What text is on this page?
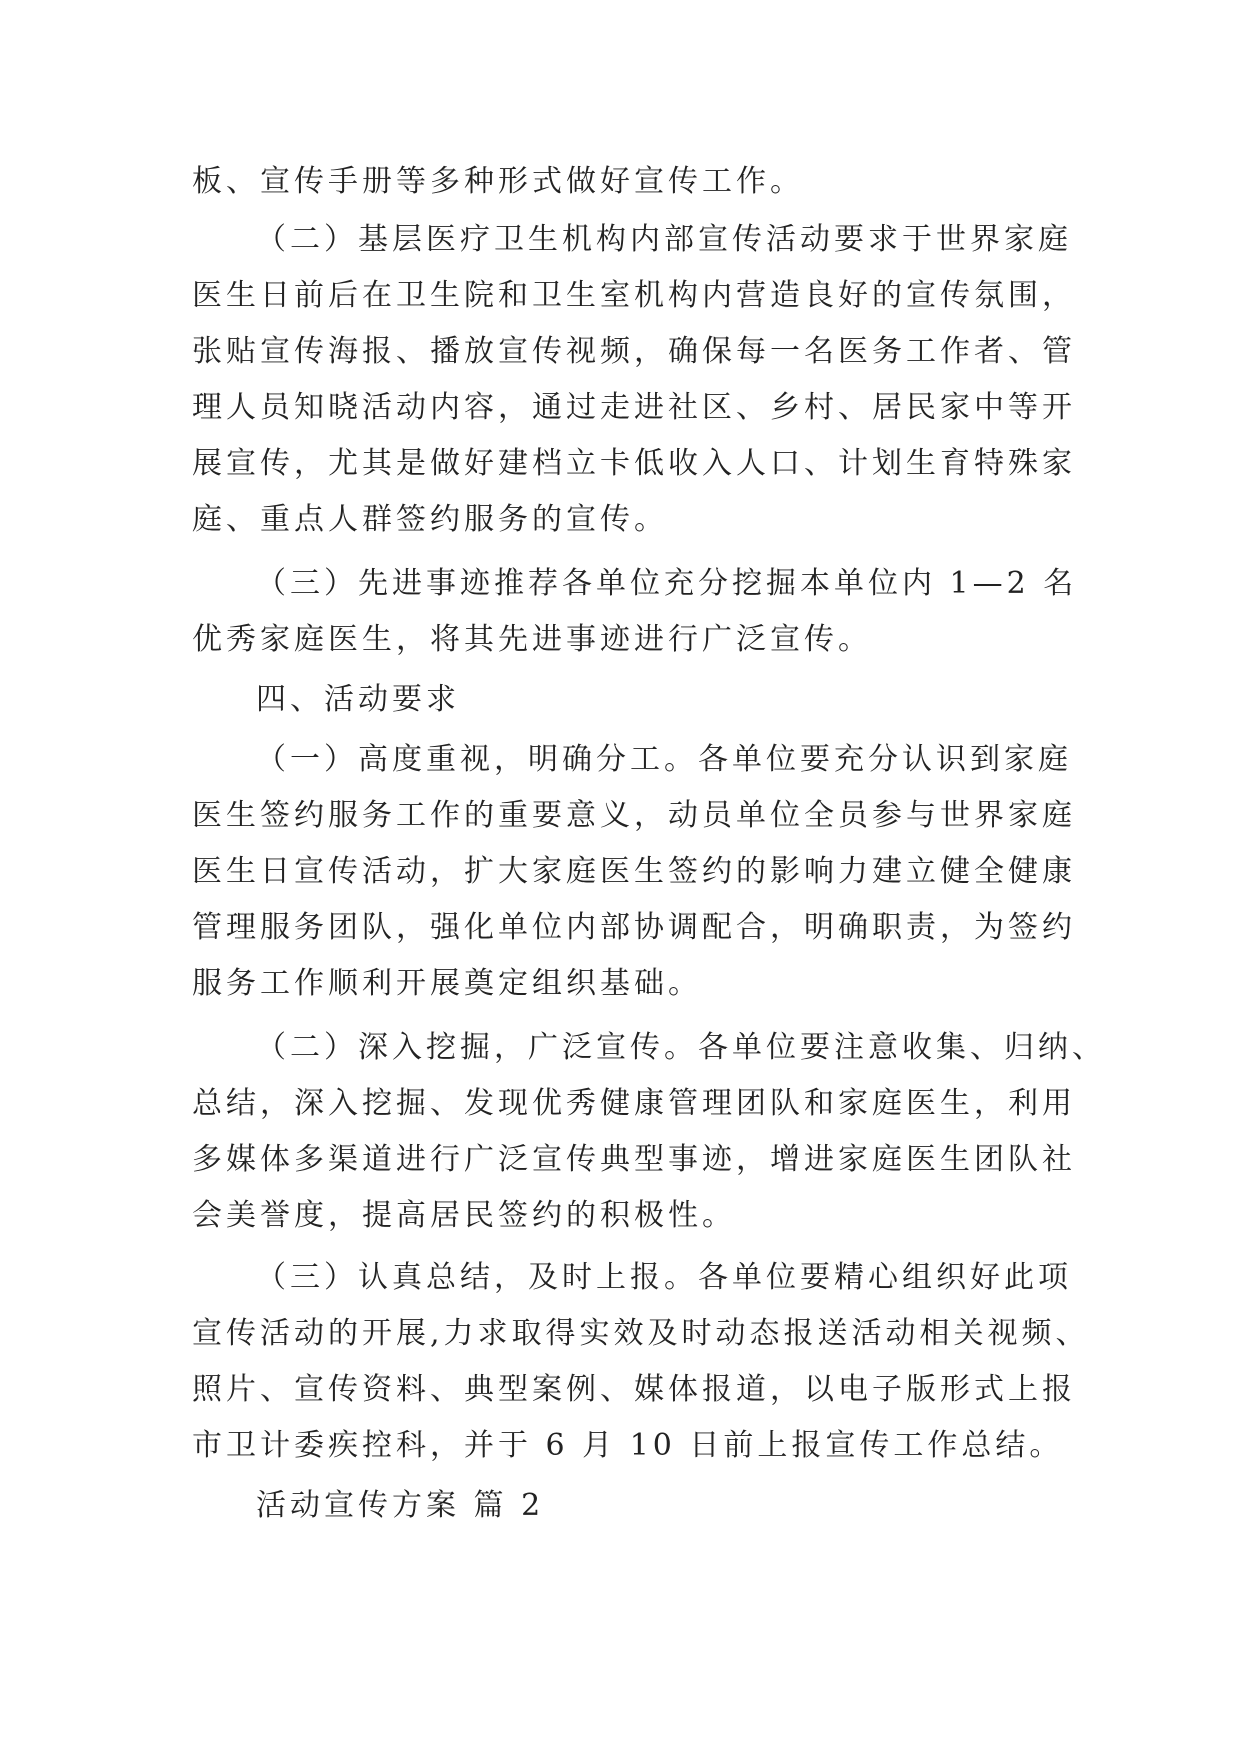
板、宣传手册等多种形式做好宣传工作。
（二）基层医疗卫生机构内部宣传活动要求于世界家庭
医生日前后在卫生院和卫生室机构内营造良好的宣传氛围，
张贴宣传海报、播放宣传视频，确保每一名医务工作者、管
理人员知晓活动内容，通过走进社区、乡村、居民家中等开
展宣传，尤其是做好建档立卡低收入人口、计划生育特殊家
庭、重点人群签约服务的宣传。
（三）先进事迹推荐各单位充分挖掘本单位内 1—2 名
优秀家庭医生，将其先进事迹进行广泛宣传。
四、活动要求
（一）高度重视，明确分工。各单位要充分认识到家庭
医生签约服务工作的重要意义，动员单位全员参与世界家庭
医生日宣传活动，扩大家庭医生签约的影响力建立健全健康
管理服务团队，强化单位内部协调配合，明确职责，为签约
服务工作顺利开展奠定组织基础。
（二）深入挖掘，广泛宣传。各单位要注意收集、归纳、
总结，深入挖掘、发现优秀健康管理团队和家庭医生，利用
多媒体多渠道进行广泛宣传典型事迹，增进家庭医生团队社
会美誉度，提高居民签约的积极性。
（三）认真总结，及时上报。各单位要精心组织好此项
宣传活动的开展,力求取得实效及时动态报送活动相关视频、
照片、宣传资料、典型案例、媒体报道，以电子版形式上报
市卫计委疾控科，并于 6 月 10 日前上报宣传工作总结。
活动宣传方案 篇 2
